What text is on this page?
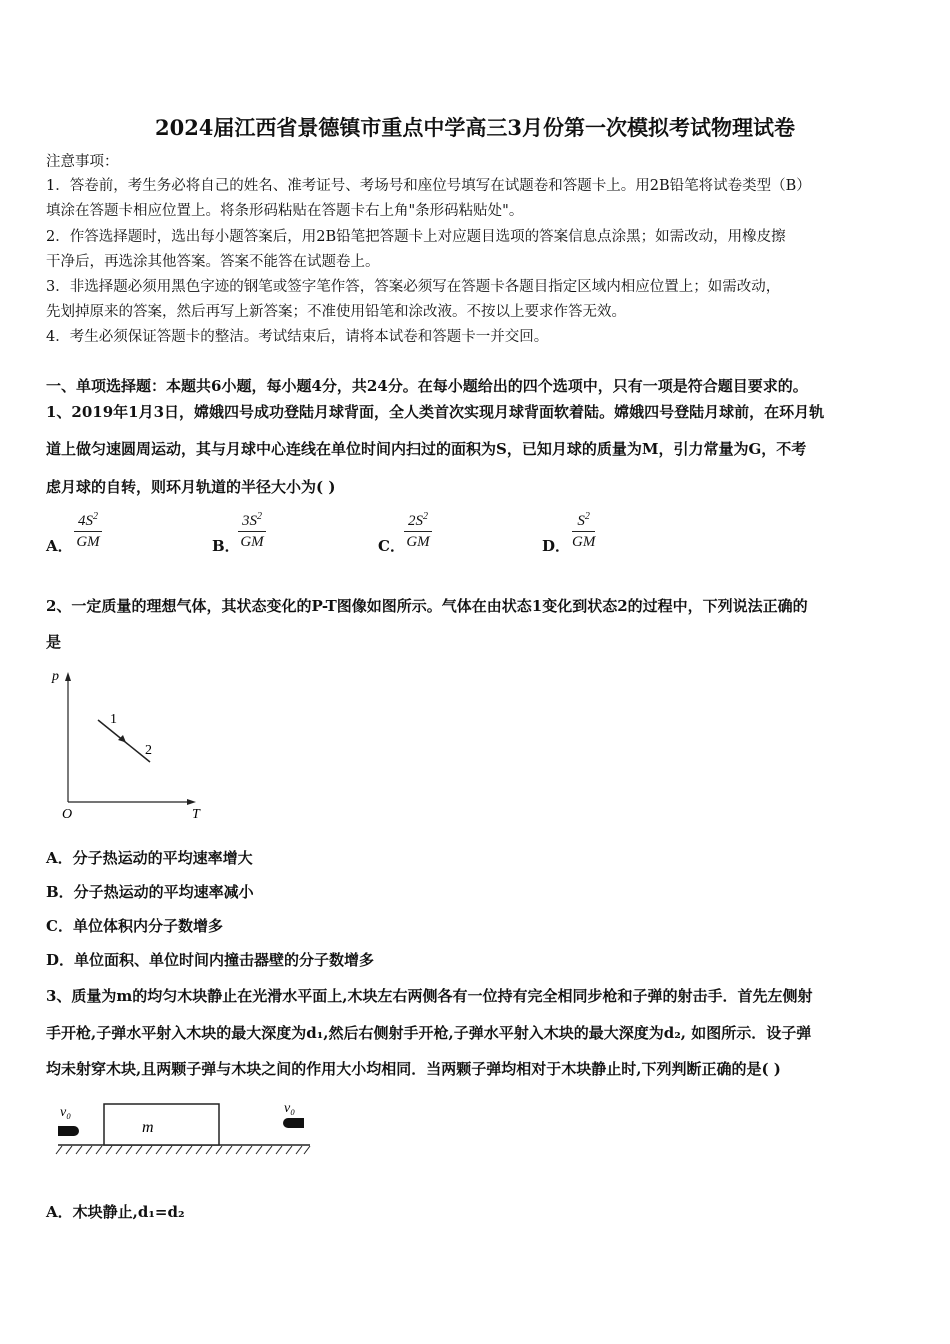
2024届江西省景德镇市重点中学高三3月份第一次模拟考试物理试卷
注意事项：
1．答卷前，考生务必将自己的姓名、准考证号、考场号和座位号填写在试题卷和答题卡上。用2B铅笔将试卷类型（B）
填涂在答题卡相应位置上。将条形码粘贴在答题卡右上角"条形码粘贴处"。
2．作答选择题时，选出每小题答案后，用2B铅笔把答题卡上对应题目选项的答案信息点涂黑；如需改动，用橡皮擦
干净后，再选涂其他答案。答案不能答在试题卷上。
3．非选择题必须用黑色字迹的钢笔或签字笔作答，答案必须写在答题卡各题目指定区域内相应位置上；如需改动，
先划掉原来的答案，然后再写上新答案；不准使用铅笔和涂改液。不按以上要求作答无效。
4．考生必须保证答题卡的整洁。考试结束后，请将本试卷和答题卡一并交回。
一、单项选择题：本题共6小题，每小题4分，共24分。在每小题给出的四个选项中，只有一项是符合题目要求的。
1、2019年1月3日，嫦娥四号成功登陆月球背面，全人类首次实现月球背面软着陆。嫦娥四号登陆月球前，在环月轨
道上做匀速圆周运动，其与月球中心连线在单位时间内扫过的面积为S，已知月球的质量为M，引力常量为G，不考
虑月球的自转，则环月轨道的半径大小为( )
A． $\frac{4S^2}{GM}$	B．
$\frac{3S^2}{GM}$	C． $\frac{2S^2}{GM}$	D． $\frac{S^2}{GM}$
2、一定质量的理想气体，其状态变化的P-T图像如图所示。气体在由状态1变化到状态2的过程中，下列说法正确的
是
p
T
O
1
2
A．分子热运动的平均速率增大
B．分子热运动的平均速率减小
C．单位体积内分子数增多
D．单位面积、单位时间内撞击器壁的分子数增多
3、质量为m的均匀木块静止在光滑水平面上,木块左右两侧各有一位持有完全相同步枪和子弹的射击手．首先左侧射
手开枪,子弹水平射入木块的最大深度为d₁,然后右侧射手开枪,子弹水平射入木块的最大深度为d₂, 如图所示．设子弹
均未射穿木块,且两颗子弹与木块之间的作用大小均相同．当两颗子弹均相对于木块静止时,下列判断正确的是( )
m
v₀	v₀
A．木块静止,d₁=d₂
